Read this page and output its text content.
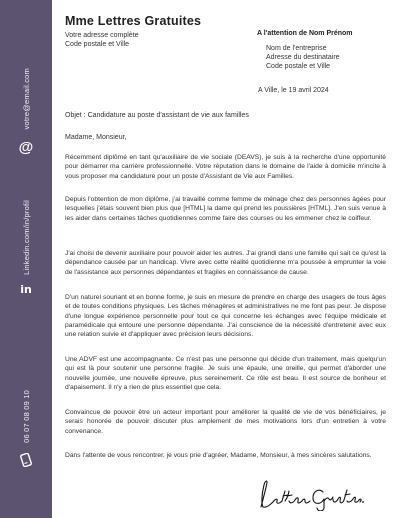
votre@email.com
@
Linkedin.com/in/profil
in
06 07 08 09 10
Mme Lettres Gratuites
Votre adresse complète
Code postale et Ville
A l'attention de Nom Prénom
Nom de l'entreprise
Adresse du destinataire
Code postale et Ville
A Ville, le 19 avril 2024
Objet : Candidature au poste d'assistant de vie aux familles
Madame, Monsieur,

Récemment diplômé en tant qu'auxiliaire de vie sociale (DEAVS), je suis à la recherche d'une opportunité pour démarrer ma carrière professionnelle. Votre réputation dans le domaine de l'aide à domicile m'incite à vous proposer ma candidature pour un poste d'Assistant de Vie aux Familles.

Depuis l'obtention de mon diplôme, j'ai travaillé comme femme de ménage chez des personnes âgées pour lesquelles j'étais souvent bien plus que [HTML] la dame qui prend les poussières [HTML]. J'en suis venue à les aider dans certaines tâches quotidiennes comme faire des courses ou les emmener chez le coiffeur.

J'ai choisi de devenir auxiliaire pour pouvoir aider les autres. J'ai grandi dans une famille qui sait ce qu'est la dépendance causée par un handicap. Vivre avec cette réalité quotidienne m'a poussée à emprunter la voie de l'assistance aux personnes dépendantes et fragiles en connaissance de cause.

D'un naturel souriant et en bonne forme, je suis en mesure de prendre en charge des usagers de tous âges et de toutes conditions physiques. Les tâches ménagères et administratives ne me font pas peur. Je dispose d'une longue expérience personnelle pour tout ce qui concerne les échanges avec l'équipe médicale et paramédicale qui entoure une personne dépendante. J'ai conscience de la nécessité d'entretenir avec eux une relation suivie et d'appliquer avec précision leurs décisions.

Une ADVF est une accompagnante. Ce n'est pas une personne qui décide d'un traitement, mais quelqu'un qui est là pour soutenir une personne fragile. Je suis une épaule, une oreille, qui permet d'aborder une nouvelle journée, une nouvelle épreuve, plus sereinement. Ce rôle est beau. Il est source de bonheur et d'apaisement. Il n'y a rien de plus essentiel que cela.

Convaincue de pouvoir être un acteur important pour améliorer la qualité de vie de vos bénéficiaires, je serais honorée de pouvoir discuter plus amplement de mes motivations lors d'un entretien à votre convenance.

Dans l'attente de vous rencontrer, je vous prie d'agréer, Madame, Monsieur, à mes sincères salutations.
